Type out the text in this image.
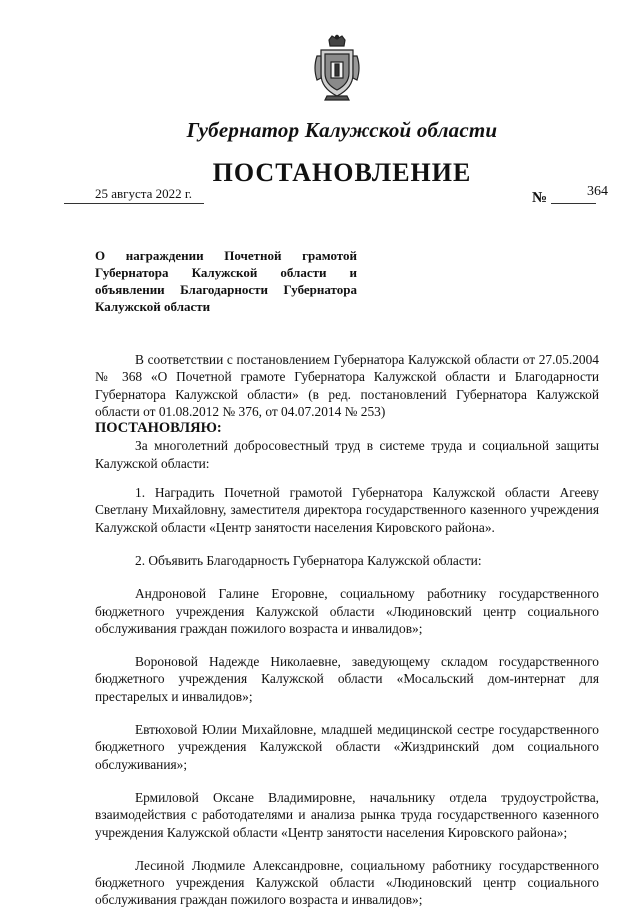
Губернатор Калужской области
ПОСТАНОВЛЕНИЕ
25 августа 2022 г.	№	364
О награждении Почетной грамотой Губернатора Калужской области и объявлении Благодарности Губернатора Калужской области

В соответствии с постановлением Губернатора Калужской области от 27.05.2004 № 368 «О Почетной грамоте Губернатора Калужской области и Благодарности Губернатора Калужской области» (в ред. постановлений Губернатора Калужской области от 01.08.2012 № 376, от 04.07.2014 № 253)

ПОСТАНОВЛЯЮ:

За многолетний добросовестный труд в системе труда и социальной защиты Калужской области:

1. Наградить Почетной грамотой Губернатора Калужской области Агееву Светлану Михайловну, заместителя директора государственного казенного учреждения Калужской области «Центр занятости населения Кировского района».

2. Объявить Благодарность Губернатора Калужской области:

Андроновой Галине Егоровне, социальному работнику государственного бюджетного учреждения Калужской области «Людиновский центр социального обслуживания граждан пожилого возраста и инвалидов»;

Вороновой Надежде Николаевне, заведующему складом государственного бюджетного учреждения Калужской области «Мосальский дом-интернат для престарелых и инвалидов»;

Евтюховой Юлии Михайловне, младшей медицинской сестре государственного бюджетного учреждения Калужской области «Жиздринский дом социального обслуживания»;

Ермиловой Оксане Владимировне, начальнику отдела трудоустройства, взаимодействия с работодателями и анализа рынка труда государственного казенного учреждения Калужской области «Центр занятости населения Кировского района»;

Лесиной Людмиле Александровне, социальному работнику государственного бюджетного учреждения Калужской области «Людиновский центр социального обслуживания граждан пожилого возраста и инвалидов»;
